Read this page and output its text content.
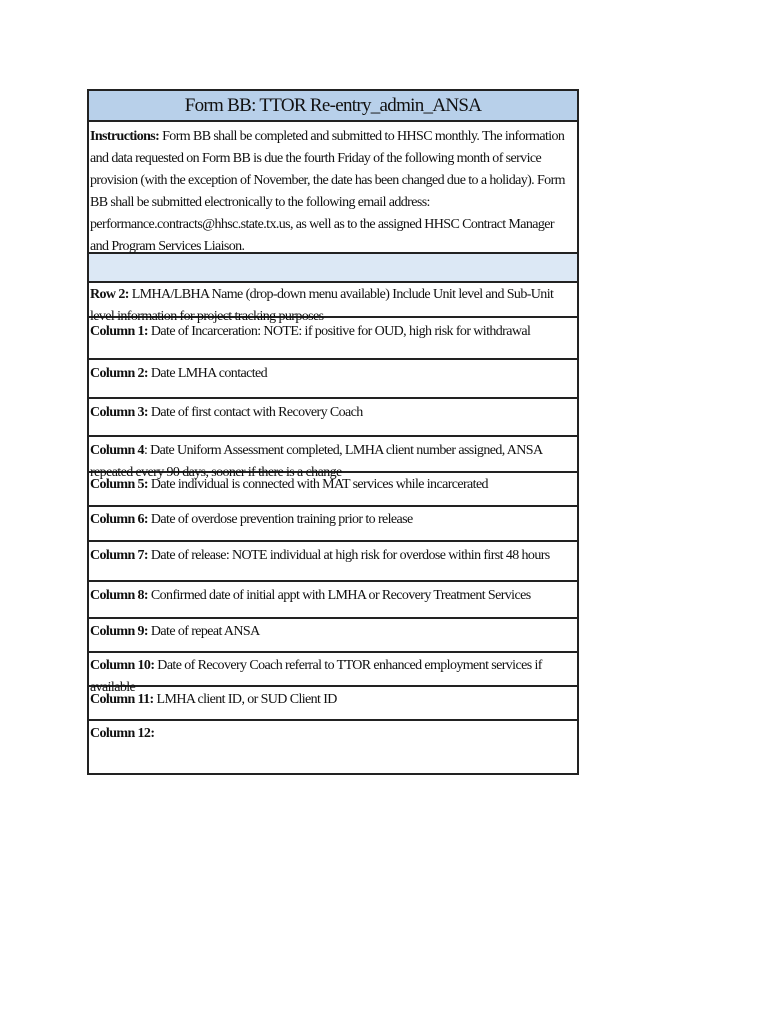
Form BB: TTOR Re-entry_admin_ANSA
Instructions: Form BB shall be completed and submitted to HHSC monthly. The information and data requested on Form BB is due the fourth Friday of the following month of service provision (with the exception of November, the date has been changed due to a holiday). Form BB shall be submitted electronically to the following email address: performance.contracts@hhsc.state.tx.us, as well as to the assigned HHSC Contract Manager and Program Services Liaison.
Row 2: LMHA/LBHA Name (drop-down menu available) Include Unit level and Sub-Unit level information for project tracking purposes
Column 1: Date of Incarceration: NOTE: if positive for OUD, high risk for withdrawal
Column 2: Date LMHA contacted
Column 3: Date of first contact with Recovery Coach
Column 4: Date Uniform Assessment completed, LMHA client number assigned, ANSA repeated every 90 days, sooner if there is a change
Column 5: Date individual is connected with MAT services while incarcerated
Column 6: Date of overdose prevention training prior to release
Column 7: Date of release: NOTE individual at high risk for overdose within first 48 hours
Column 8: Confirmed date of initial appt with LMHA or Recovery Treatment Services
Column 9: Date of repeat ANSA
Column 10: Date of Recovery Coach referral to TTOR enhanced employment services if available
Column 11: LMHA client ID, or SUD Client ID
Column 12:
